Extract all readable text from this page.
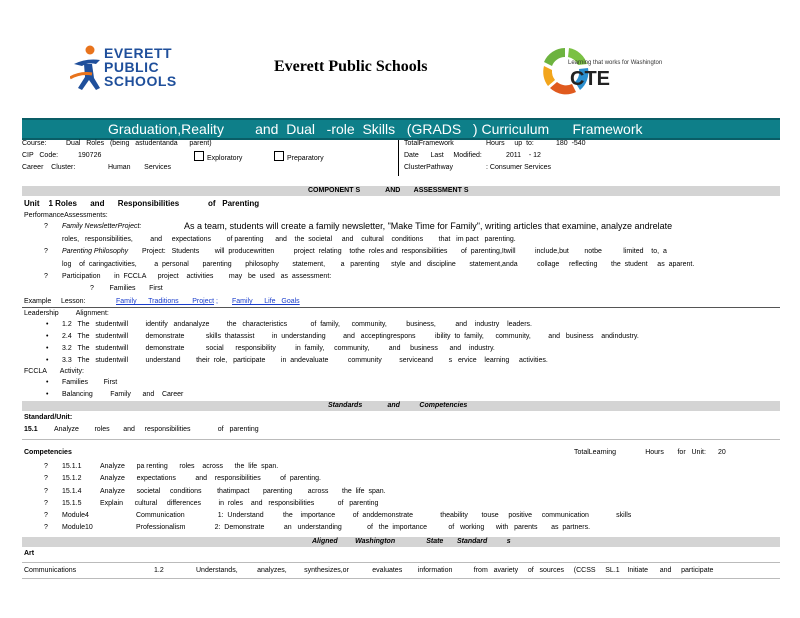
EVERETT
PUBLIC
SCHOOLS
Everett Public Schools	Learning that works for Washington
CTE
Graduation,Reality        and  Dual   -role  Skills   (GRADS   ) Curriculum      Framework
Course:	Dual   Roles   (being   astudentanda      parent)
CIP   Code:	190726	Exploratory	Preparatory
Career    Cluster:	Human       Services
TotalFramework	Hours     up  to:	180  -540
Date      Last     Modified:	2011    - 12
ClusterPathway	: Consumer Services
COMPONENT S             AND       ASSESSMENT S
Unit    1 Roles      and      Responsibilities             of   Parenting
PerformanceAssessments:
? Family NewsletterProject:	As a team, students will create a family newsletter, "Make Time for Family", writing articles that examine, analyze andrelate
roles,   responsibilities,         and     expectations        of parenting      and    the  societal     and    cultural    conditions        that   im pact   parenting.
? Parenting Philosophy Project:   Students        will  producewritten          project  relating    tothe  roles and  responsibilities       of  parenting,Itwill          include,but        notbe           limited    to,  a
log    of  caringactivities,         a  personal       parenting       philosophy       statement,        a   parenting      style  and   discipline       statement,anda          collage     reflecting       the  student     as  aparent.
? Participation       in  FCCLA      project    activities        may   be  used   as  assessment:
?        Families       First
Example     Lesson:	Family      Traditions       Project ; Family      Life   Goals
Leadership         Alignment:
• 1.2   The   studentwill         identify   andanalyze         the   characteristics            of  family,      community,          business,          and    industry    leaders.
• 2.4   The   studentwill         demonstrate           skills  thatassist         in  understanding         and   acceptingrespons          ibility  to  family,      community,         and   business    andindustry.
• 3.2   The   studentwill         demonstrate           social      responsibility          in  family,     community,          and     business      and    industry.
• 3.3   The   studentwill         understand        their  role,   participate        in  andevaluate          community         serviceand        s   ervice    learning     activities.
FCCLA       Activity:
• Families        First
• Balancing         Family      and    Career
Standards             and          Competencies
Standard/Unit:
15.1 Analyze        roles       and     responsibilities              of   parenting
Competencies	TotalLearning               Hours       for   Unit: 20
? 15.1.1	Analyze      pa renting      roles    across      the  life  span.
? 15.1.2	Analyze      expectations          and    responsibilities          of  parenting.
? 15.1.4	Analyze      societal     conditions        thatimpact       parenting        across       the  life  span.
? 15.1.5	Explain      cultural     differences         in  roles    and   responsibilities            of   parenting
? Module4	Communication                 1:  Understand          the    importance         of  anddemonstrate              theability       touse     positive     communication              skills
? Module10	Professionalism               2:  Demonstrate          an   understanding             of   the  importance           of   working      with   parents       as  partners.
Aligned         Washington                State       Standard          s
Art
Communications	1.2	Understands,          analyzes,         synthesizes,or            evaluates        information           from   avariety     of   sources     (CCSS     SL.1    Initiate      and     participate
